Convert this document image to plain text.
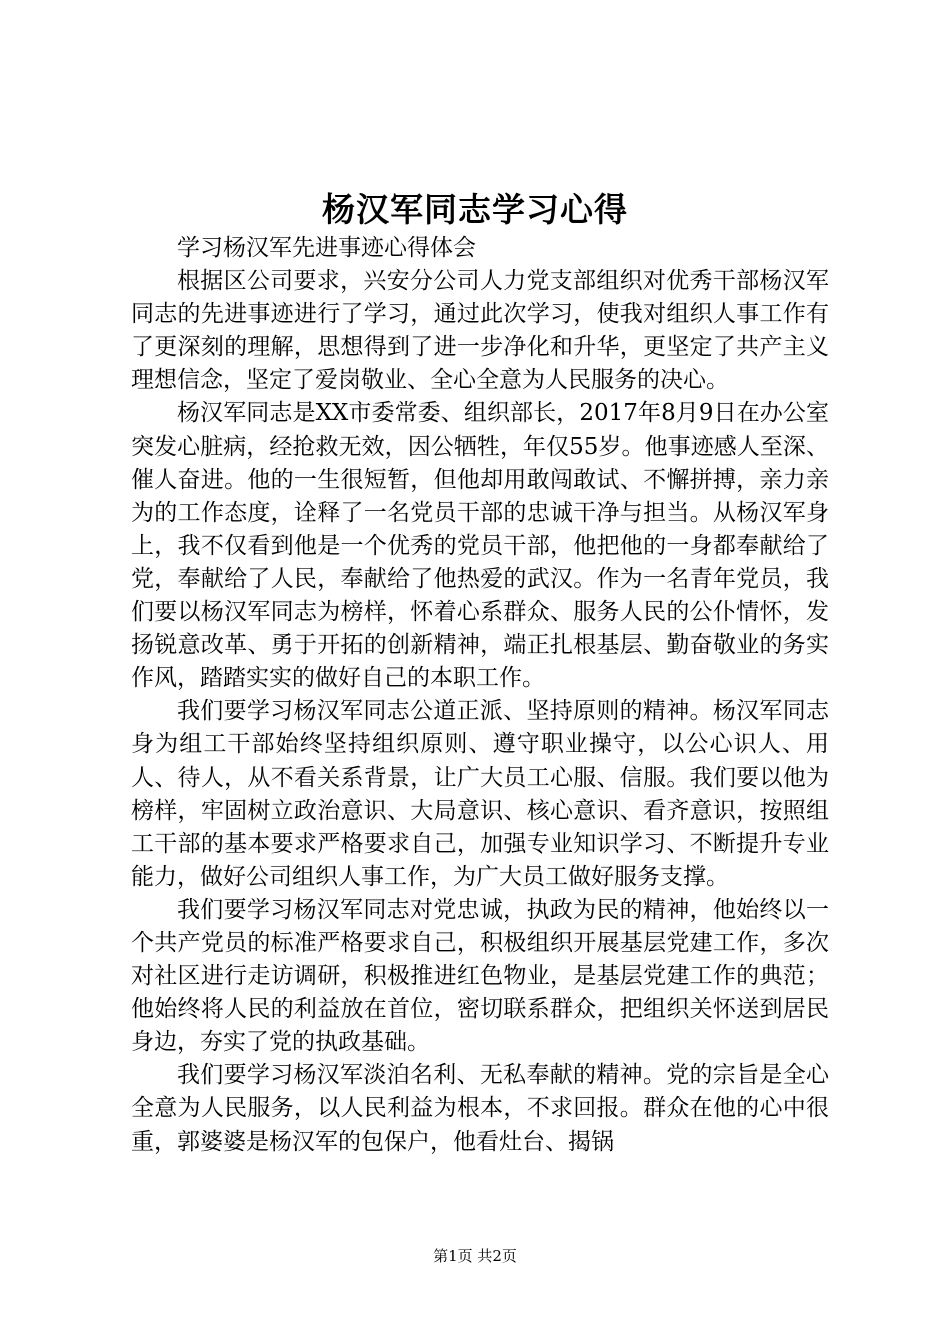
杨汉军同志学习心得

学习杨汉军先进事迹心得体会

根据区公司要求，兴安分公司人力党支部组织对优秀干部杨汉军同志的先进事迹进行了学习，通过此次学习，使我对组织人事工作有了更深刻的理解，思想得到了进一步净化和升华，更坚定了共产主义理想信念，坚定了爱岗敬业、全心全意为人民服务的决心。

杨汉军同志是XX市委常委、组织部长，2017年8月9日在办公室突发心脏病，经抢救无效，因公牺牲，年仅55岁。他事迹感人至深、催人奋进。他的一生很短暂，但他却用敢闯敢试、不懈拼搏，亲力亲为的工作态度，诠释了一名党员干部的忠诚干净与担当。从杨汉军身上，我不仅看到他是一个优秀的党员干部，他把他的一身都奉献给了党，奉献给了人民，奉献给了他热爱的武汉。作为一名青年党员，我们要以杨汉军同志为榜样，怀着心系群众、服务人民的公仆情怀，发扬锐意改革、勇于开拓的创新精神，端正扎根基层、勤奋敬业的务实作风，踏踏实实的做好自己的本职工作。

我们要学习杨汉军同志公道正派、坚持原则的精神。杨汉军同志身为组工干部始终坚持组织原则、遵守职业操守，以公心识人、用人、待人，从不看关系背景，让广大员工心服、信服。我们要以他为榜样，牢固树立政治意识、大局意识、核心意识、看齐意识，按照组工干部的基本要求严格要求自己，加强专业知识学习、不断提升专业能力，做好公司组织人事工作，为广大员工做好服务支撑。

我们要学习杨汉军同志对党忠诚，执政为民的精神，他始终以一个共产党员的标准严格要求自己，积极组织开展基层党建工作，多次对社区进行走访调研，积极推进红色物业，是基层党建工作的典范；他始终将人民的利益放在首位，密切联系群众，把组织关怀送到居民身边，夯实了党的执政基础。

我们要学习杨汉军淡泊名利、无私奉献的精神。党的宗旨是全心全意为人民服务，以人民利益为根本，不求回报。群众在他的心中很重，郭婆婆是杨汉军的包保户，他看灶台、揭锅

第1页 共2页
